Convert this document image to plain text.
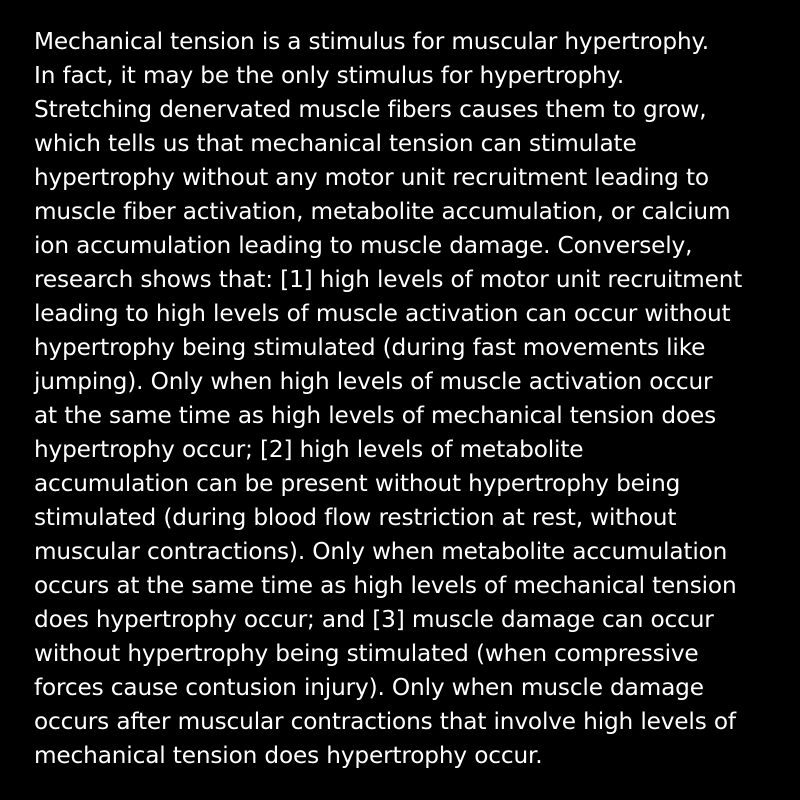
Mechanical tension is a stimulus for muscular hypertrophy.
In fact, it may be the only stimulus for hypertrophy.
Stretching denervated muscle fibers causes them to grow,
which tells us that mechanical tension can stimulate
hypertrophy without any motor unit recruitment leading to
muscle fiber activation, metabolite accumulation, or calcium
ion accumulation leading to muscle damage. Conversely,
research shows that: [1] high levels of motor unit recruitment
leading to high levels of muscle activation can occur without
hypertrophy being stimulated (during fast movements like
jumping). Only when high levels of muscle activation occur
at the same time as high levels of mechanical tension does
hypertrophy occur; [2] high levels of metabolite
accumulation can be present without hypertrophy being
stimulated (during blood flow restriction at rest, without
muscular contractions). Only when metabolite accumulation
occurs at the same time as high levels of mechanical tension
does hypertrophy occur; and [3] muscle damage can occur
without hypertrophy being stimulated (when compressive
forces cause contusion injury). Only when muscle damage
occurs after muscular contractions that involve high levels of
mechanical tension does hypertrophy occur.
